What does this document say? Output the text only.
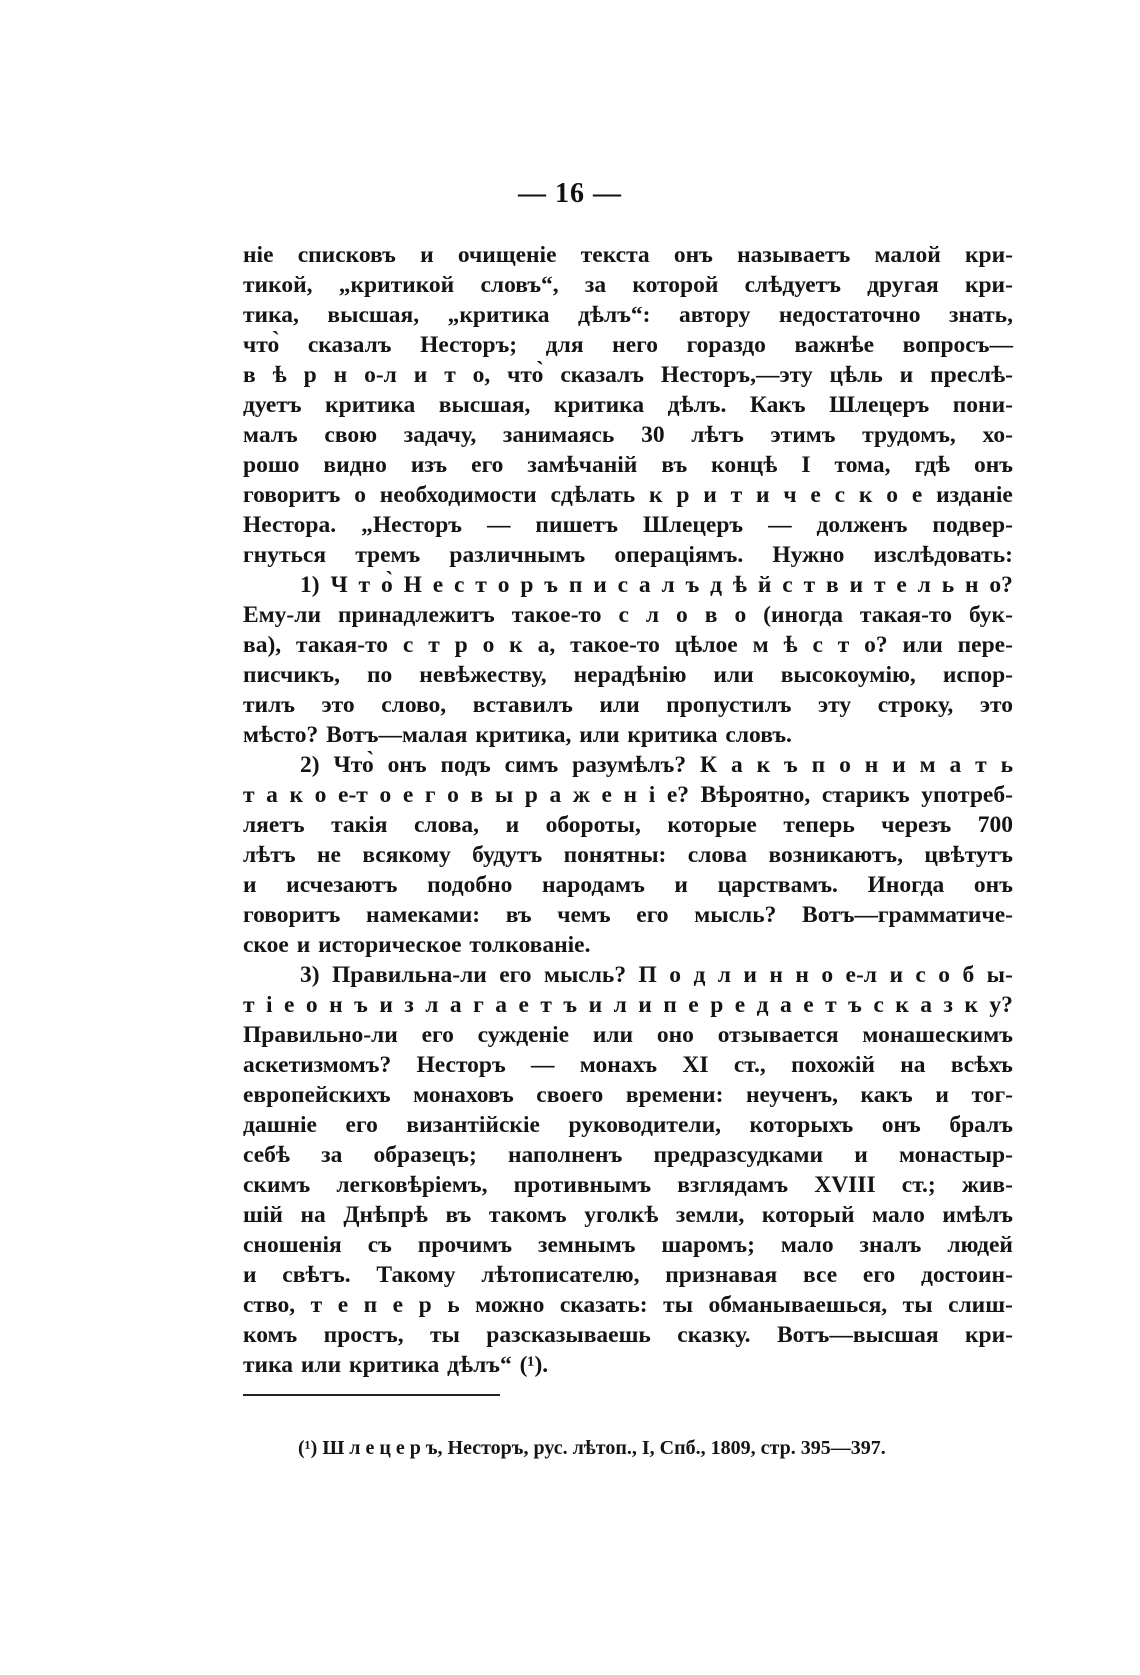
— 16 —
ніе списковъ и очищеніе текста онъ называетъ малой кри-
тикой, „критикой словъ“, за которой слѣдуетъ другая кри-
тика, высшая, „критика дѣлъ“: автору недостаточно знать,
что̀ сказалъ Несторъ; для него гораздо важнѣе вопросъ—
в ѣ р н о-л и т о, что̀ сказалъ Несторъ,—эту цѣль и преслѣ-
дуетъ критика высшая, критика дѣлъ. Какъ Шлецеръ пони-
малъ свою задачу, занимаясь 30 лѣтъ этимъ трудомъ, хо-
рошо видно изъ его замѣчаній въ концѣ I тома, гдѣ онъ
говоритъ о необходимости сдѣлать к р и т и ч е с к о е изданіе
Нестора. „Несторъ — пишетъ Шлецеръ — долженъ подвер-
гнуться тремъ различнымъ операціямъ. Нужно изслѣдовать:
1) Ч т о̀ Н е с т о р ъ п и с а л ъ д ѣ й с т в и т е л ь н о?
Ему-ли принадлежитъ такое-то с л о в о (иногда такая-то бук-
ва), такая-то с т р о к а, такое-то цѣлое м ѣ с т о? или пере-
писчикъ, по невѣжеству, нерадѣнію или высокоумію, испор-
тилъ это слово, вставилъ или пропустилъ эту строку, это
мѣсто? Вотъ—малая критика, или критика словъ.
2) Что̀ онъ подъ симъ разумѣлъ? К а к ъ п о н и м а т ь
т а к о е-т о е г о в ы р а ж е н і е? Вѣроятно, старикъ употреб-
ляетъ такія слова, и обороты, которые теперь черезъ 700
лѣтъ не всякому будутъ понятны: слова возникаютъ, цвѣтутъ
и исчезаютъ подобно народамъ и царствамъ. Иногда онъ
говоритъ намеками: въ чемъ его мысль? Вотъ—грамматиче-
ское и историческое толкованіе.
3) Правильна-ли его мысль? П о д л и н н о е-л и с о б ы-
т і е о н ъ и з л а г а е т ъ и л и п е р е д а е т ъ с к а з к у?
Правильно-ли его сужденіе или оно отзывается монашескимъ
аскетизмомъ? Несторъ — монахъ XI ст., похожій на всѣхъ
европейскихъ монаховъ своего времени: неученъ, какъ и тог-
дашніе его византійскіе руководители, которыхъ онъ бралъ
себѣ за образецъ; наполненъ предразсудками и монастыр-
скимъ легковѣріемъ, противнымъ взглядамъ XVIII ст.; жив-
шій на Днѣпрѣ въ такомъ уголкѣ земли, который мало имѣлъ
сношенія съ прочимъ земнымъ шаромъ; мало зналъ людей
и свѣтъ. Такому лѣтописателю, признавая все его достоин-
ство, т е п е р ь можно сказать: ты обманываешься, ты слиш-
комъ простъ, ты разсказываешь сказку. Вотъ—высшая кри-
тика или критика дѣлъ“ (¹).
(¹) Ш л е ц е р ъ, Несторъ, рус. лѣтоп., I, Спб., 1809, стр. 395—397.
